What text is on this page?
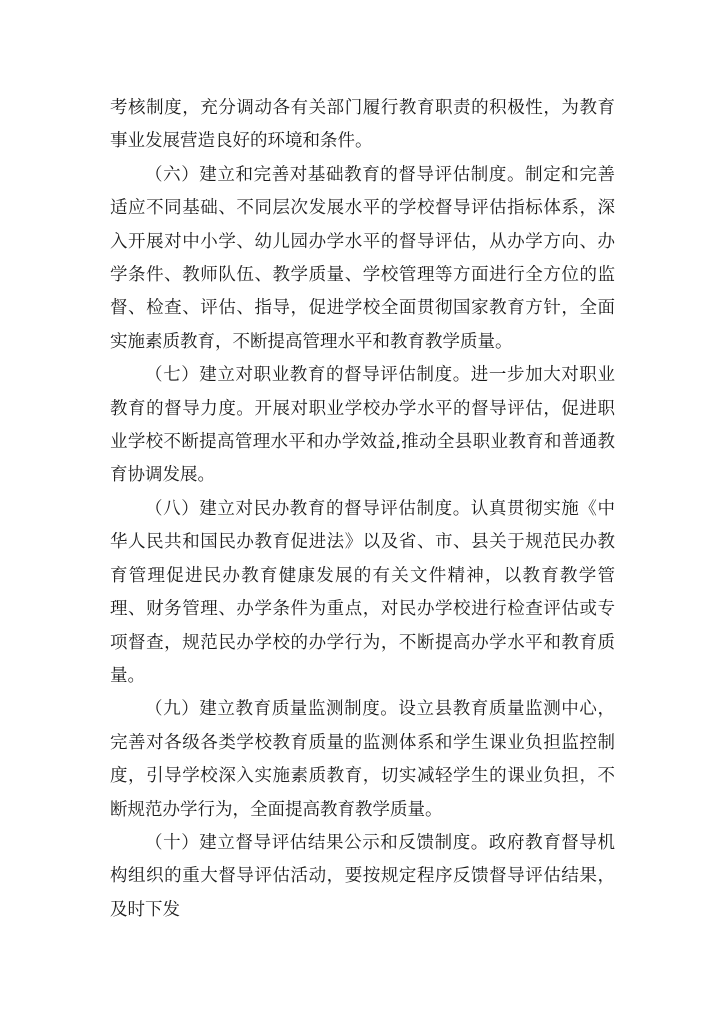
考核制度，充分调动各有关部门履行教育职责的积极性，为教育事业发展营造良好的环境和条件。

（六）建立和完善对基础教育的督导评估制度。制定和完善适应不同基础、不同层次发展水平的学校督导评估指标体系，深入开展对中小学、幼儿园办学水平的督导评估，从办学方向、办学条件、教师队伍、教学质量、学校管理等方面进行全方位的监督、检查、评估、指导，促进学校全面贯彻国家教育方针，全面实施素质教育，不断提高管理水平和教育教学质量。

（七）建立对职业教育的督导评估制度。进一步加大对职业教育的督导力度。开展对职业学校办学水平的督导评估，促进职业学校不断提高管理水平和办学效益,推动全县职业教育和普通教育协调发展。

（八）建立对民办教育的督导评估制度。认真贯彻实施《中华人民共和国民办教育促进法》以及省、市、县关于规范民办教育管理促进民办教育健康发展的有关文件精神，以教育教学管理、财务管理、办学条件为重点，对民办学校进行检查评估或专项督查，规范民办学校的办学行为，不断提高办学水平和教育质量。

（九）建立教育质量监测制度。设立县教育质量监测中心，完善对各级各类学校教育质量的监测体系和学生课业负担监控制度，引导学校深入实施素质教育，切实减轻学生的课业负担，不断规范办学行为，全面提高教育教学质量。

（十）建立督导评估结果公示和反馈制度。政府教育督导机构组织的重大督导评估活动，要按规定程序反馈督导评估结果，及时下发
